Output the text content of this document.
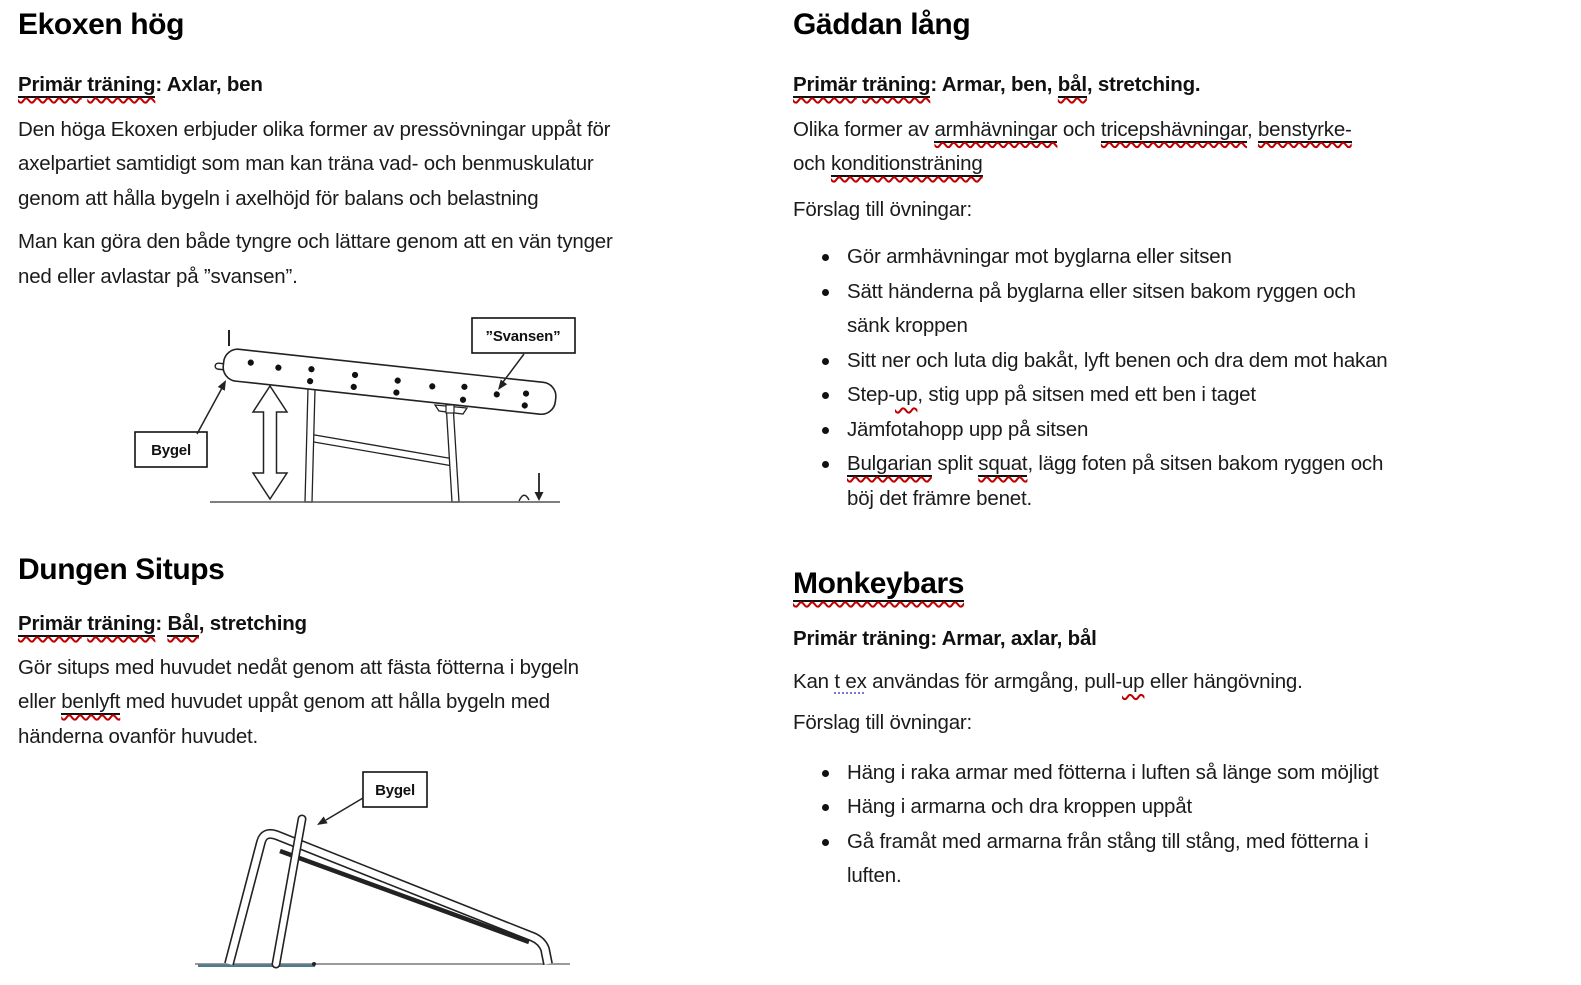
Ekoxen hög
Primär träning: Axlar, ben
Den höga Ekoxen erbjuder olika former av pressövningar uppåt för
axelpartiet samtidigt som man kan träna vad- och benmuskulatur
genom att hålla bygeln i axelhöjd för balans och belastning
Man kan göra den både tyngre och lättare genom att en vän tynger
ned eller avlastar på ”svansen”.
Bygel
”Svansen”
Dungen Situps
Primär träning: Bål, stretching
Gör situps med huvudet nedåt genom att fästa fötterna i bygeln
eller benlyft med huvudet uppåt genom att hålla bygeln med
händerna ovanför huvudet.
Bygel
Gäddan lång
Primär träning: Armar, ben, bål, stretching.
Olika former av armhävningar och tricepshävningar, benstyrke-
och konditionsträning
Förslag till övningar:
Gör armhävningar mot byglarna eller sitsen
Sätt händerna på byglarna eller sitsen bakom ryggen och
sänk kroppen
Sitt ner och luta dig bakåt, lyft benen och dra dem mot hakan
Step-up, stig upp på sitsen med ett ben i taget
Jämfotahopp upp på sitsen
Bulgarian split squat, lägg foten på sitsen bakom ryggen och
böj det främre benet.
Monkeybars
Primär träning: Armar, axlar, bål
Kan t ex användas för armgång, pull-up eller hängövning.
Förslag till övningar:
Häng i raka armar med fötterna i luften så länge som möjligt
Häng i armarna och dra kroppen uppåt
Gå framåt med armarna från stång till stång, med fötterna i
luften.
